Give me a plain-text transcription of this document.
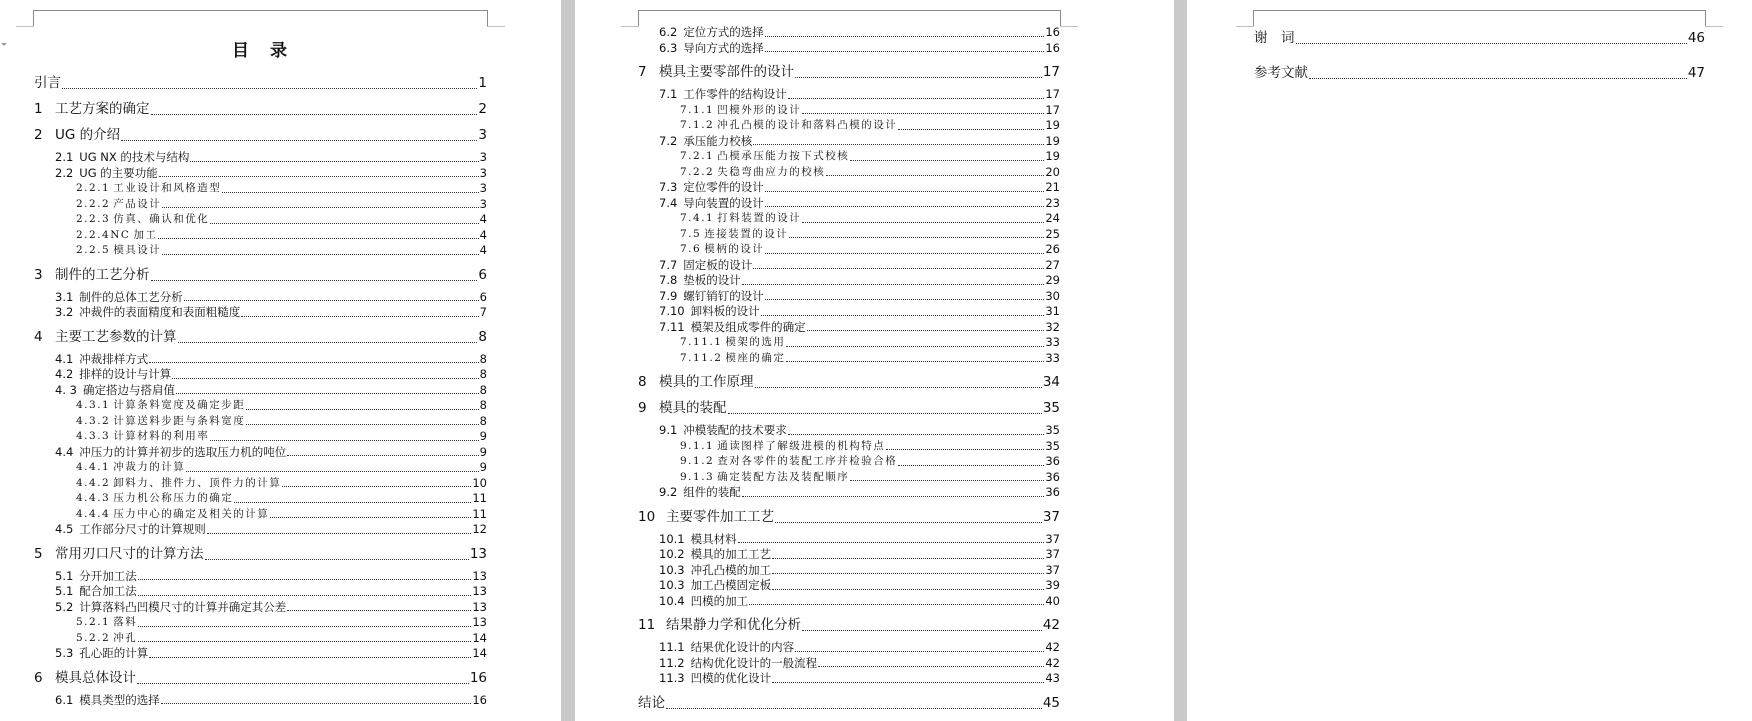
目　录
引言	1
1 工艺方案的确定	2
2 UG 的介绍	3
2.1 UG NX 的技术与结构	3
2.2 UG 的主要功能	3
2.2.1 工业设计和风格造型	3
2.2.2 产品设计	3
2.2.3 仿真、确认和优化	4
2.2.4NC 加工	4
2.2.5 模具设计	4
3 制件的工艺分析	6
3.1 制件的总体工艺分析	6
3.2 冲裁件的表面精度和表面粗糙度	7
4 主要工艺参数的计算	8
4.1 冲裁排样方式	8
4.2 排样的设计与计算	8
4. 3 确定搭边与搭肩值	8
4.3.1 计算条料宽度及确定步距	8
4.3.2 计算送料步距与条料宽度	8
4.3.3 计算材料的利用率	9
4.4 冲压力的计算并初步的选取压力机的吨位	9
4.4.1 冲裁力的计算	9
4.4.2 卸料力、推件力、顶件力的计算	10
4.4.3 压力机公称压力的确定	11
4.4.4 压力中心的确定及相关的计算	11
4.5 工作部分尺寸的计算规则	12
5 常用刃口尺寸的计算方法	13
5.1 分开加工法	13
5.1 配合加工法	13
5.2 计算落料凸凹模尺寸的计算并确定其公差	13
5.2.1 落料	13
5.2.2 冲孔	14
5.3 孔心距的计算	14
6 模具总体设计	16
6.1 模具类型的选择	16
6.2 定位方式的选择	16
6.3 导向方式的选择	16
7 模具主要零部件的设计	17
7.1 工作零件的结构设计	17
7.1.1 凹模外形的设计	17
7.1.2 冲孔凸模的设计和落料凸模的设计	19
7.2 承压能力校核	19
7.2.1 凸模承压能力按下式校核	19
7.2.2 失稳弯曲应力的校核	20
7.3 定位零件的设计	21
7.4 导向装置的设计	23
7.4.1 打料装置的设计	24
7.5 连接装置的设计	25
7.6 模柄的设计	26
7.7 固定板的设计	27
7.8 垫板的设计	29
7.9 螺钉销钉的设计	30
7.10 卸料板的设计	31
7.11 模架及组成零件的确定	32
7.11.1 模架的选用	33
7.11.2 模座的确定	33
8 模具的工作原理	34
9 模具的装配	35
9.1 冲模装配的技术要求	35
9.1.1 通读图样了解级进模的机构特点	35
9.1.2 查对各零件的装配工序并检验合格	36
9.1.3 确定装配方法及装配顺序	36
9.2 组件的装配	36
10 主要零件加工工艺	37
10.1 模具材料	37
10.2 模具的加工工艺	37
10.3 冲孔凸模的加工	37
10.3 加工凸模固定板	39
10.4 凹模的加工	40
11 结果静力学和优化分析	42
11.1 结果优化设计的内容	42
11.2 结构优化设计的一般流程	42
11.3 凹模的优化设计	43
结论	45
谢　词	46
参考文献	47
